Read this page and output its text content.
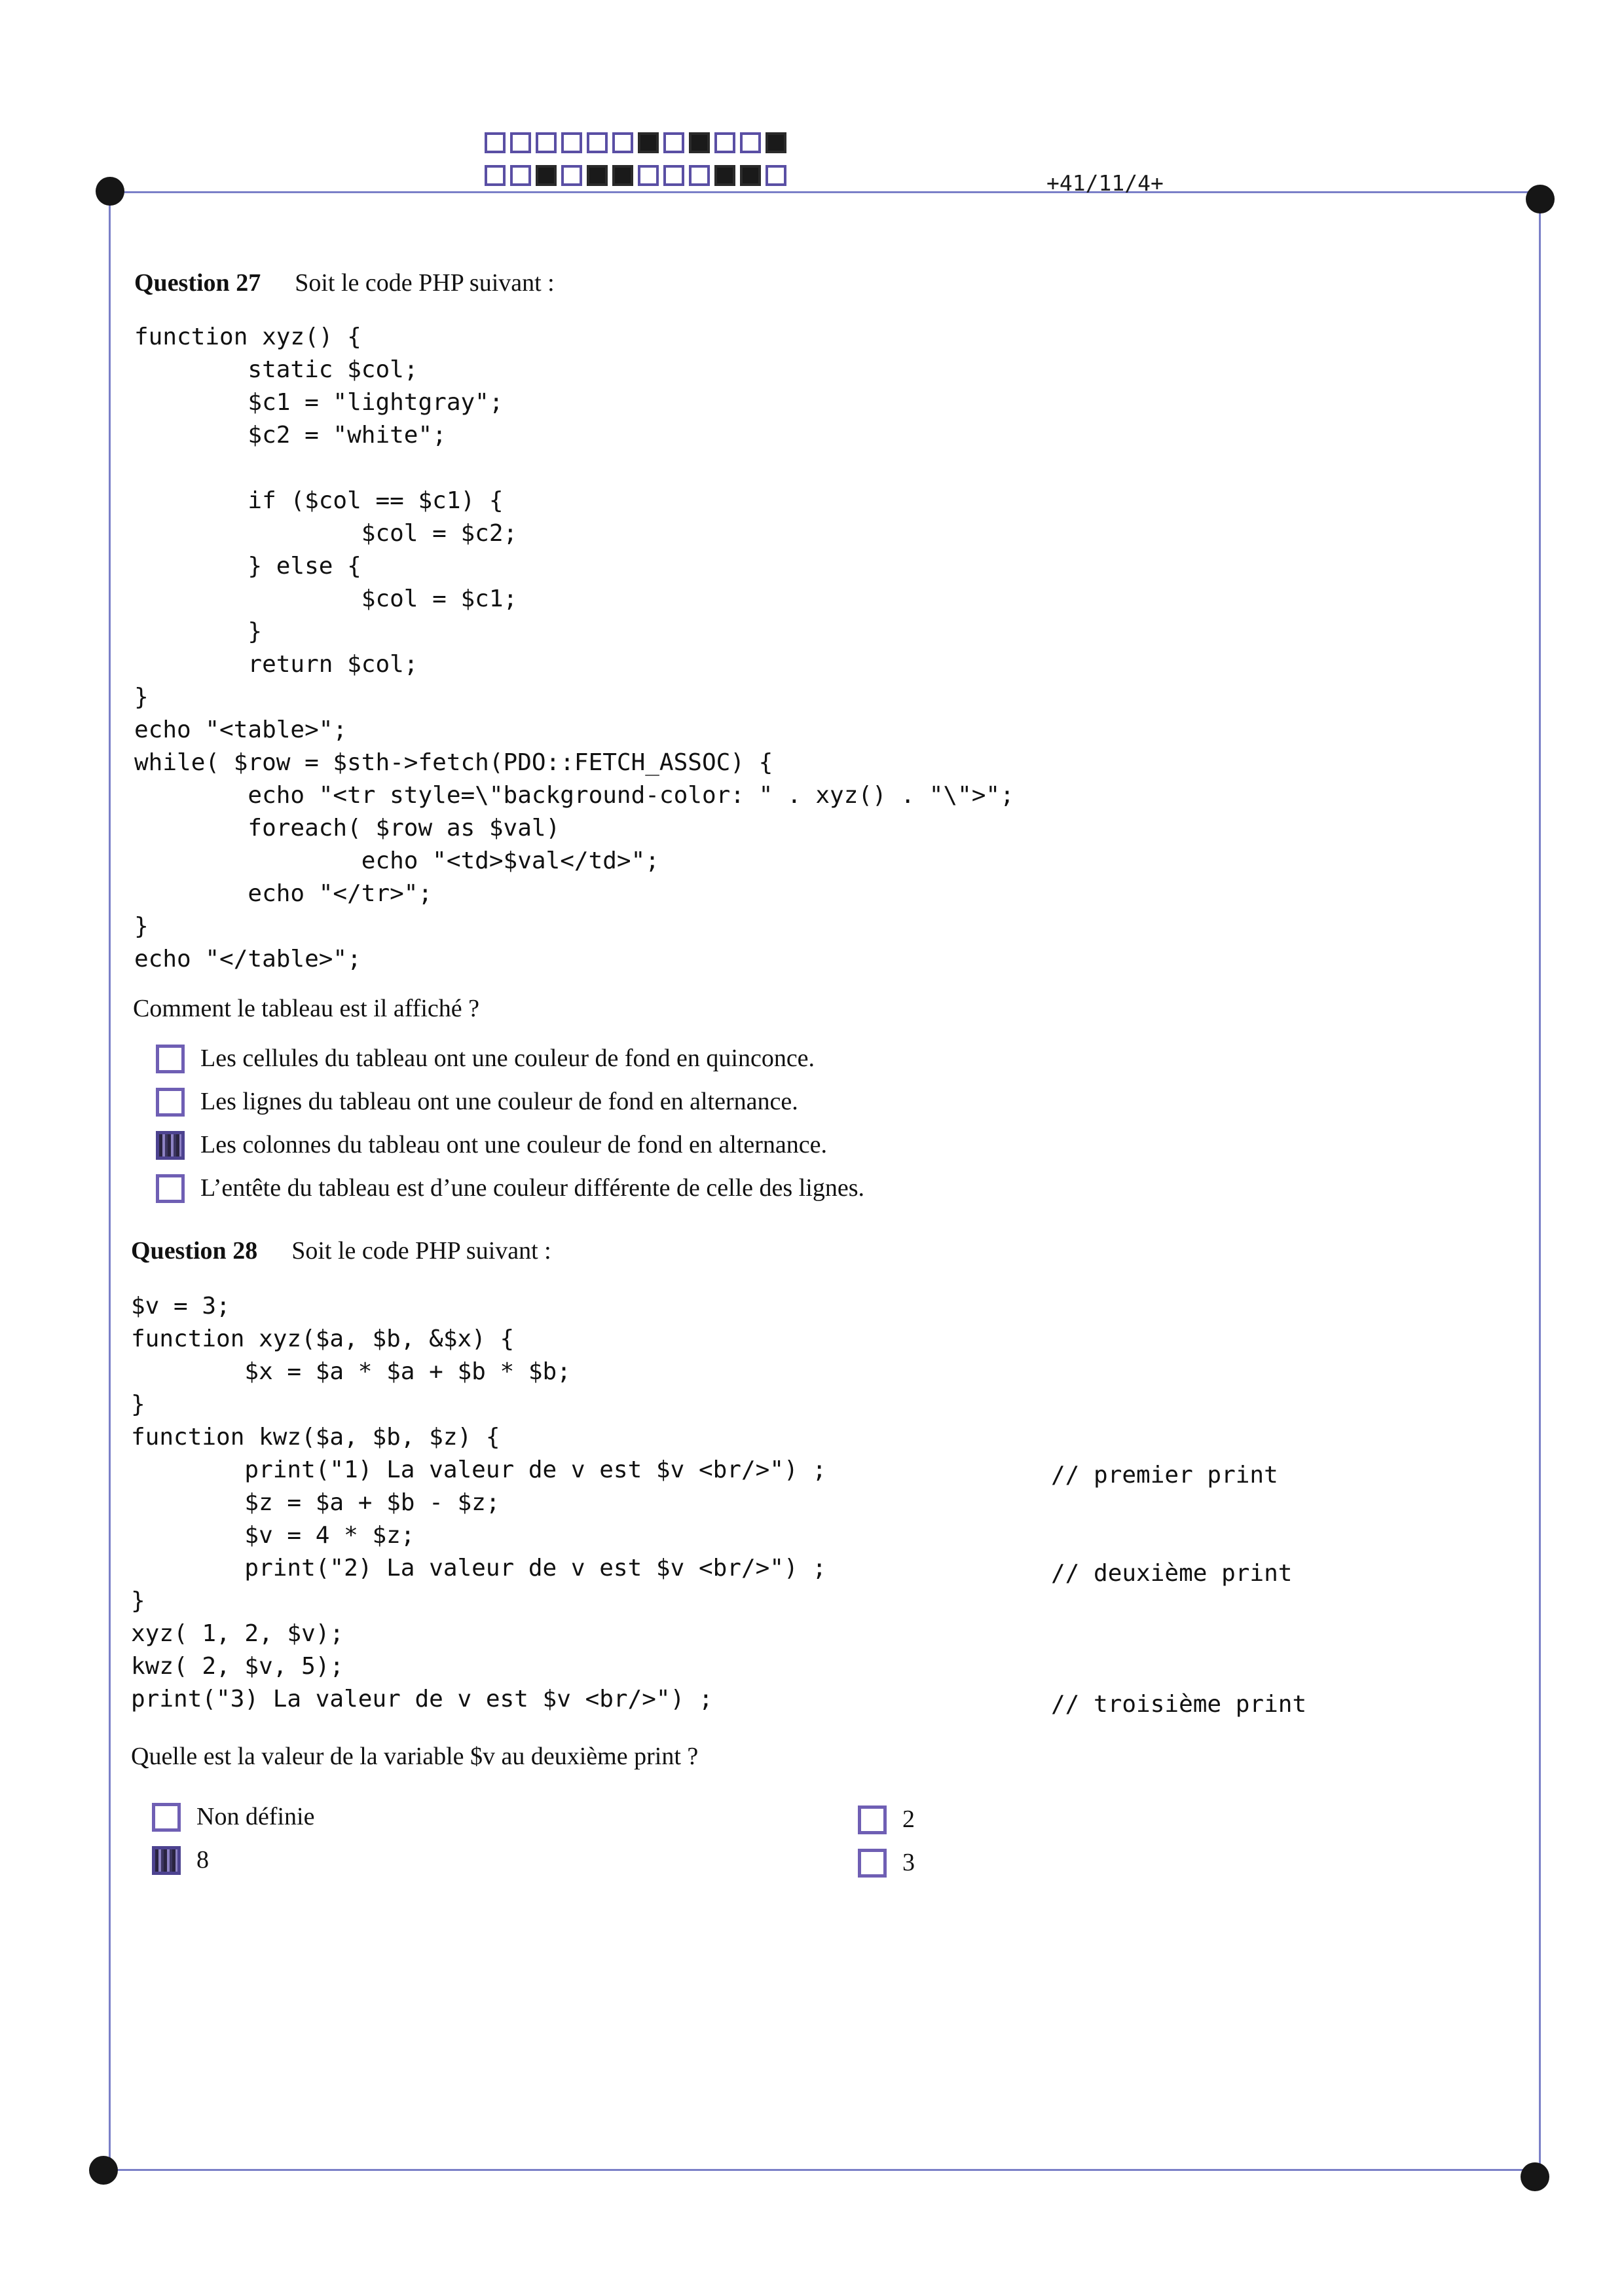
+41/11/4+
Question 27 Soit le code PHP suivant :
function xyz() {
static $col;
$c1 = "lightgray";
$c2 = "white";

if ($col == $c1) {
$col = $c2;
} else {
$col = $c1;
}
return $col;
}
echo "<table>";
while( $row = $sth->fetch(PDO::FETCH_ASSOC) {
echo "<tr style=\"background-color: " . xyz() . "\">";
foreach( $row as $val)
echo "<td>$val</td>";
echo "</tr>";
}
echo "</table>";
Comment le tableau est il affiché ?
Les cellules du tableau ont une couleur de fond en quinconce.
Les lignes du tableau ont une couleur de fond en alternance.
Les colonnes du tableau ont une couleur de fond en alternance.
L’entête du tableau est d’une couleur différente de celle des lignes.
Question 28 Soit le code PHP suivant :
$v = 3;
function xyz($a, $b, &$x) {
$x = $a * $a + $b * $b;
}
function kwz($a, $b, $z) {
print("1) La valeur de v est $v <br/>") ;
$z = $a + $b - $z;
$v = 4 * $z;
print("2) La valeur de v est $v <br/>") ;
}
xyz( 1, 2, $v);
kwz( 2, $v, 5);
print("3) La valeur de v est $v <br/>") ;
// premier print
// deuxième print
// troisième print
Quelle est la valeur de la variable $v au deuxième print ?
Non définie
8
2
3
